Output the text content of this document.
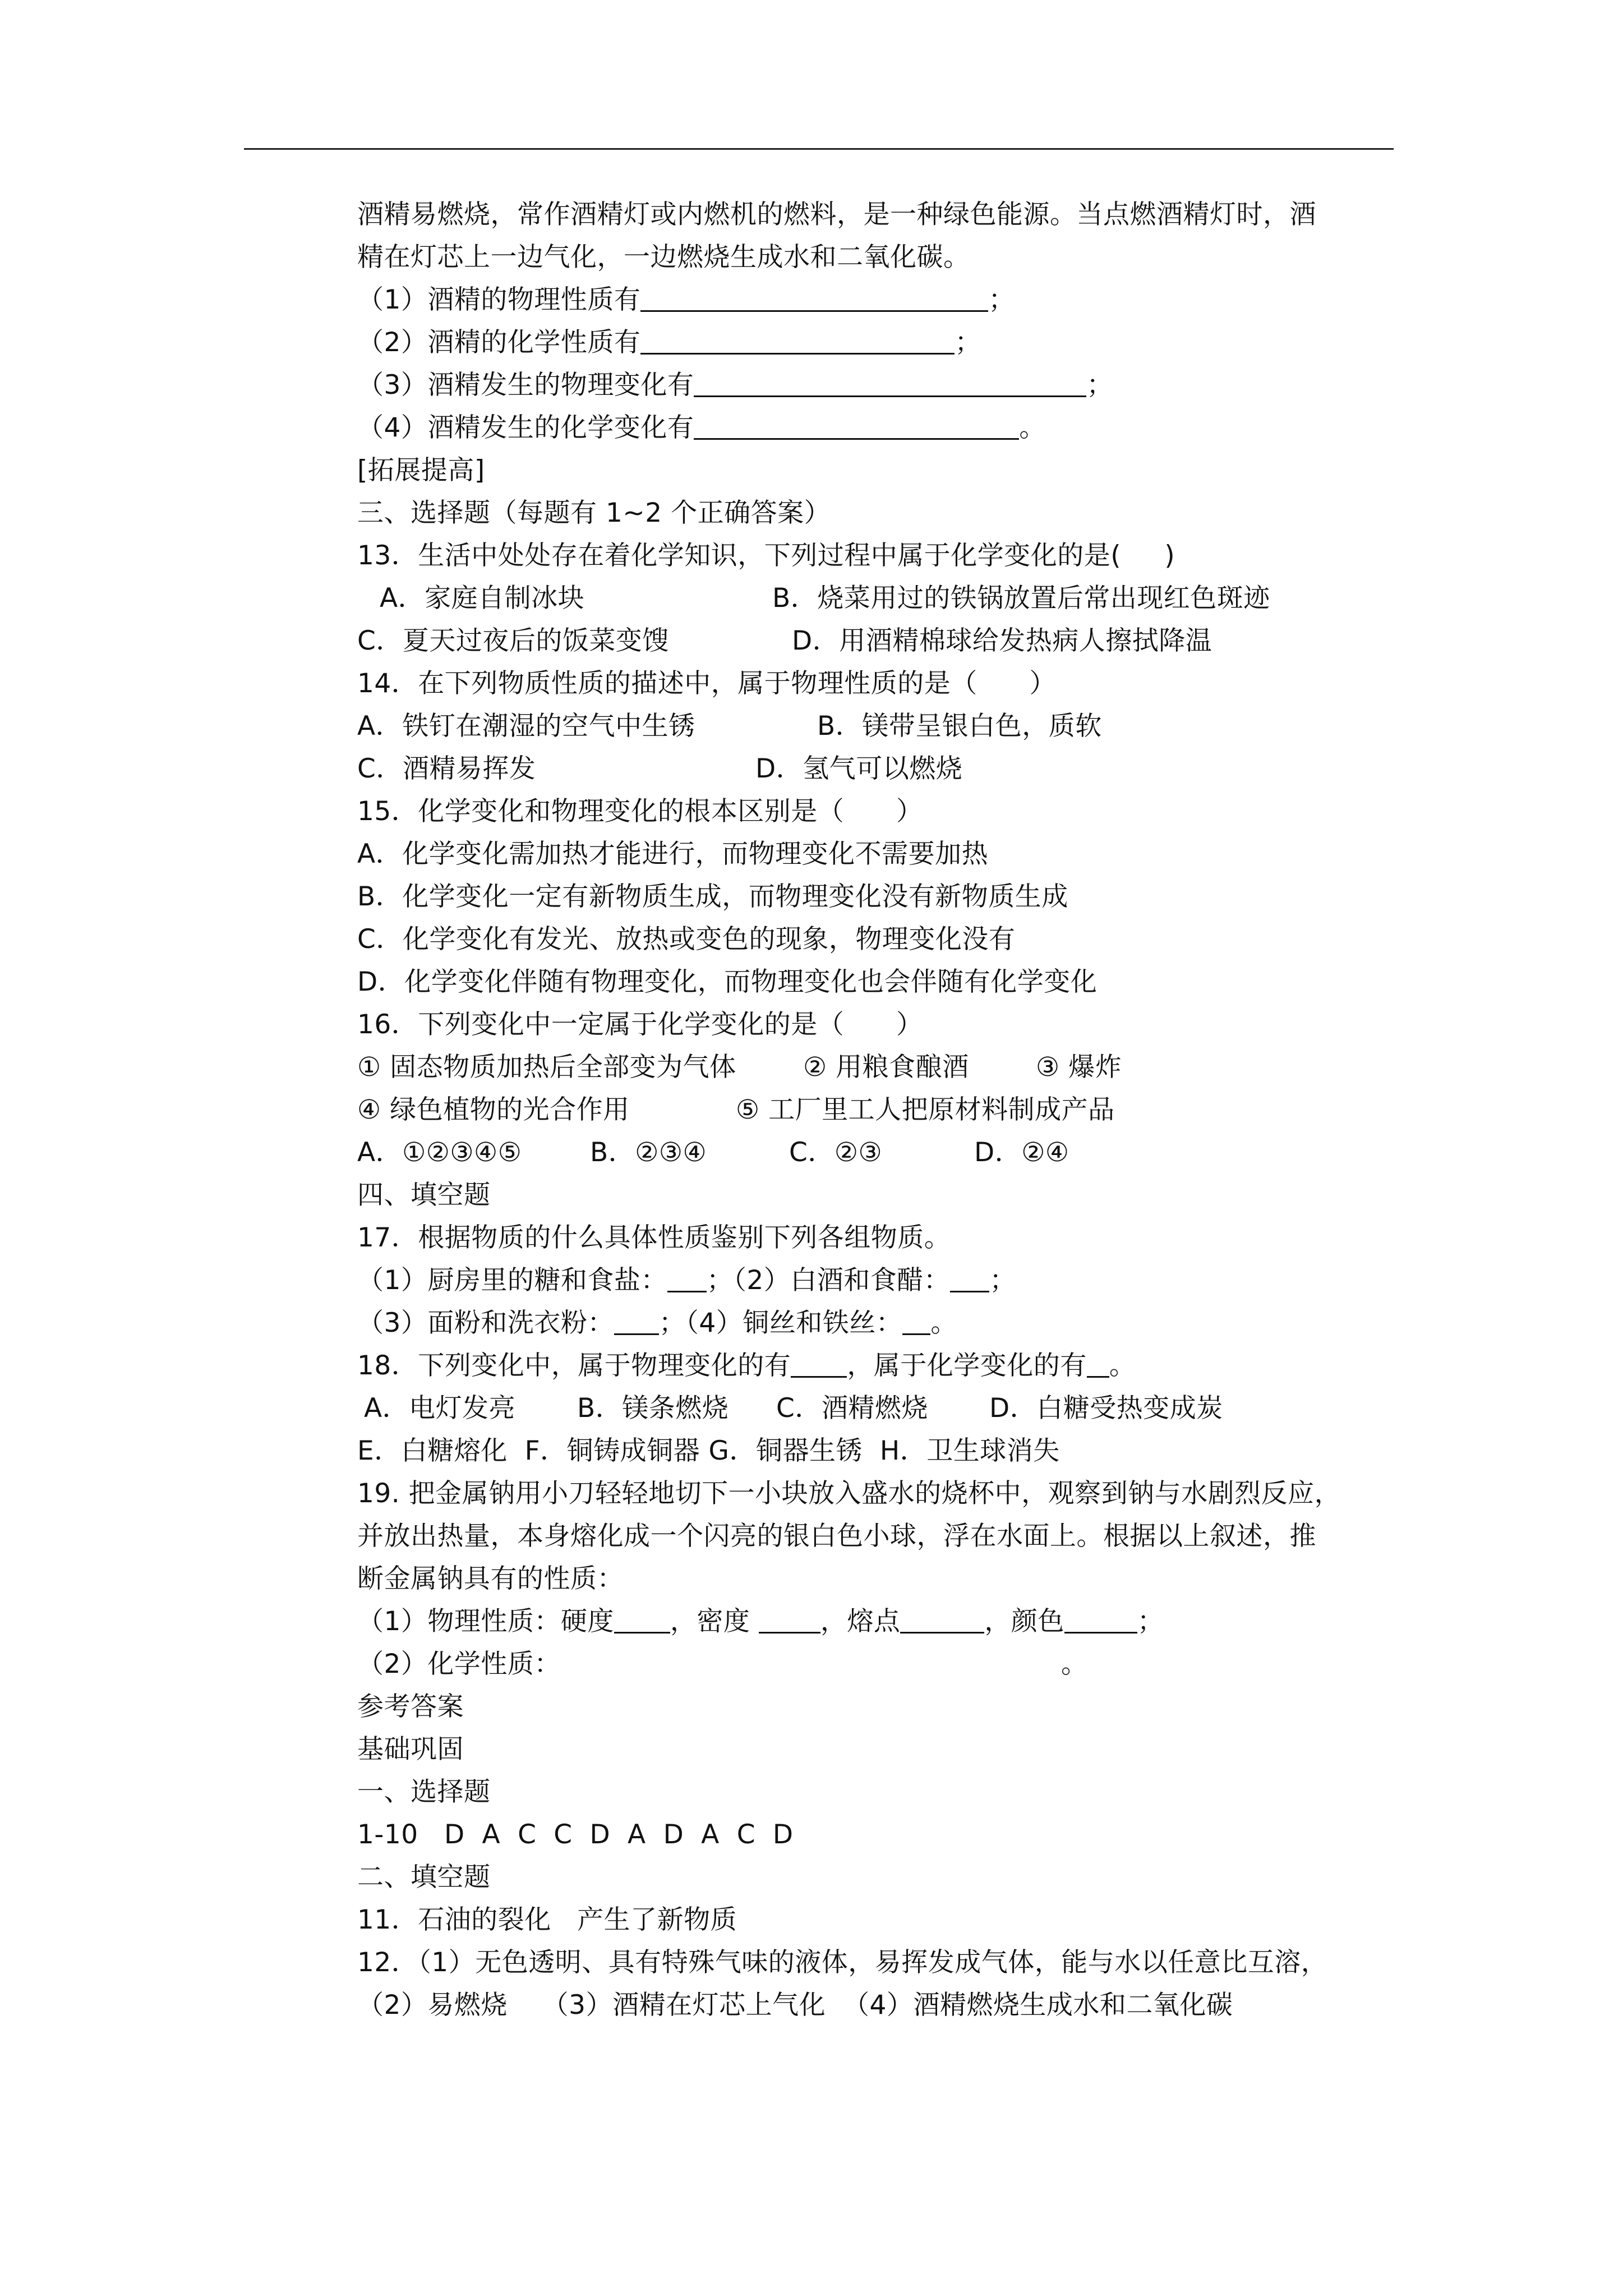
酒精易燃烧，常作酒精灯或内燃机的燃料，是一种绿色能源。当点燃酒精灯时，酒
精在灯芯上一边气化，一边燃烧生成水和二氧化碳。
（1）酒精的物理性质有	；
（2）酒精的化学性质有	；
（3）酒精发生的物理变化有	；
（4）酒精发生的化学变化有	。
[拓展提高]
三、选择题（每题有 1~2 个正确答案）
13．生活中处处存在着化学知识，下列过程中属于化学变化的是(     )
A．家庭自制冰块	B．烧菜用过的铁锅放置后常出现红色斑迹
C．夏天过夜后的饭菜变馊	D．用酒精棉球给发热病人擦拭降温
14．在下列物质性质的描述中，属于物理性质的是（      ）
A．铁钉在潮湿的空气中生锈	B．镁带呈银白色，质软
C．酒精易挥发	D．氢气可以燃烧
15．化学变化和物理变化的根本区别是（      ）
A．化学变化需加热才能进行，而物理变化不需要加热
B．化学变化一定有新物质生成，而物理变化没有新物质生成
C．化学变化有发光、放热或变色的现象，物理变化没有
D．化学变化伴随有物理变化，而物理变化也会伴随有化学变化
16．下列变化中一定属于化学变化的是（      ）
① 固态物质加热后全部变为气体	② 用粮食酿酒	③ 爆炸
④ 绿色植物的光合作用	⑤ 工厂里工人把原材料制成产品
A．①②③④⑤	B．②③④	C．②③	D．②④
四、填空题
17．根据物质的什么具体性质鉴别下列各组物质。
（1）厨房里的糖和食盐： ；（2）白酒和食醋： ；
（3）面粉和洗衣粉： ；（4）铜丝和铁丝： 。
18．下列变化中，属于物理变化的有 ，属于化学变化的有 。
A．电灯发亮 B．镁条燃烧 C．酒精燃烧 D．白糖受热变成炭
E．白糖熔化  F．铜铸成铜器 G．铜器生锈  H．卫生球消失
19. 把金属钠用小刀轻轻地切下一小块放入盛水的烧杯中，观察到钠与水剧烈反应，
并放出热量，本身熔化成一个闪亮的银白色小球，浮在水面上。根据以上叙述，推
断金属钠具有的性质：
（1）物理性质：硬度 ，密度 ，熔点	，颜色	；
（2）化学性质：	。
参考答案
基础巩固
一、选择题
1-10   D  A  C  C  D  A  D  A  C  D
二、填空题
11．石油的裂化   产生了新物质
12．（1）无色透明、具有特殊气味的液体，易挥发成气体，能与水以任意比互溶，
（2）易燃烧    （3）酒精在灯芯上气化  （4）酒精燃烧生成水和二氧化碳
